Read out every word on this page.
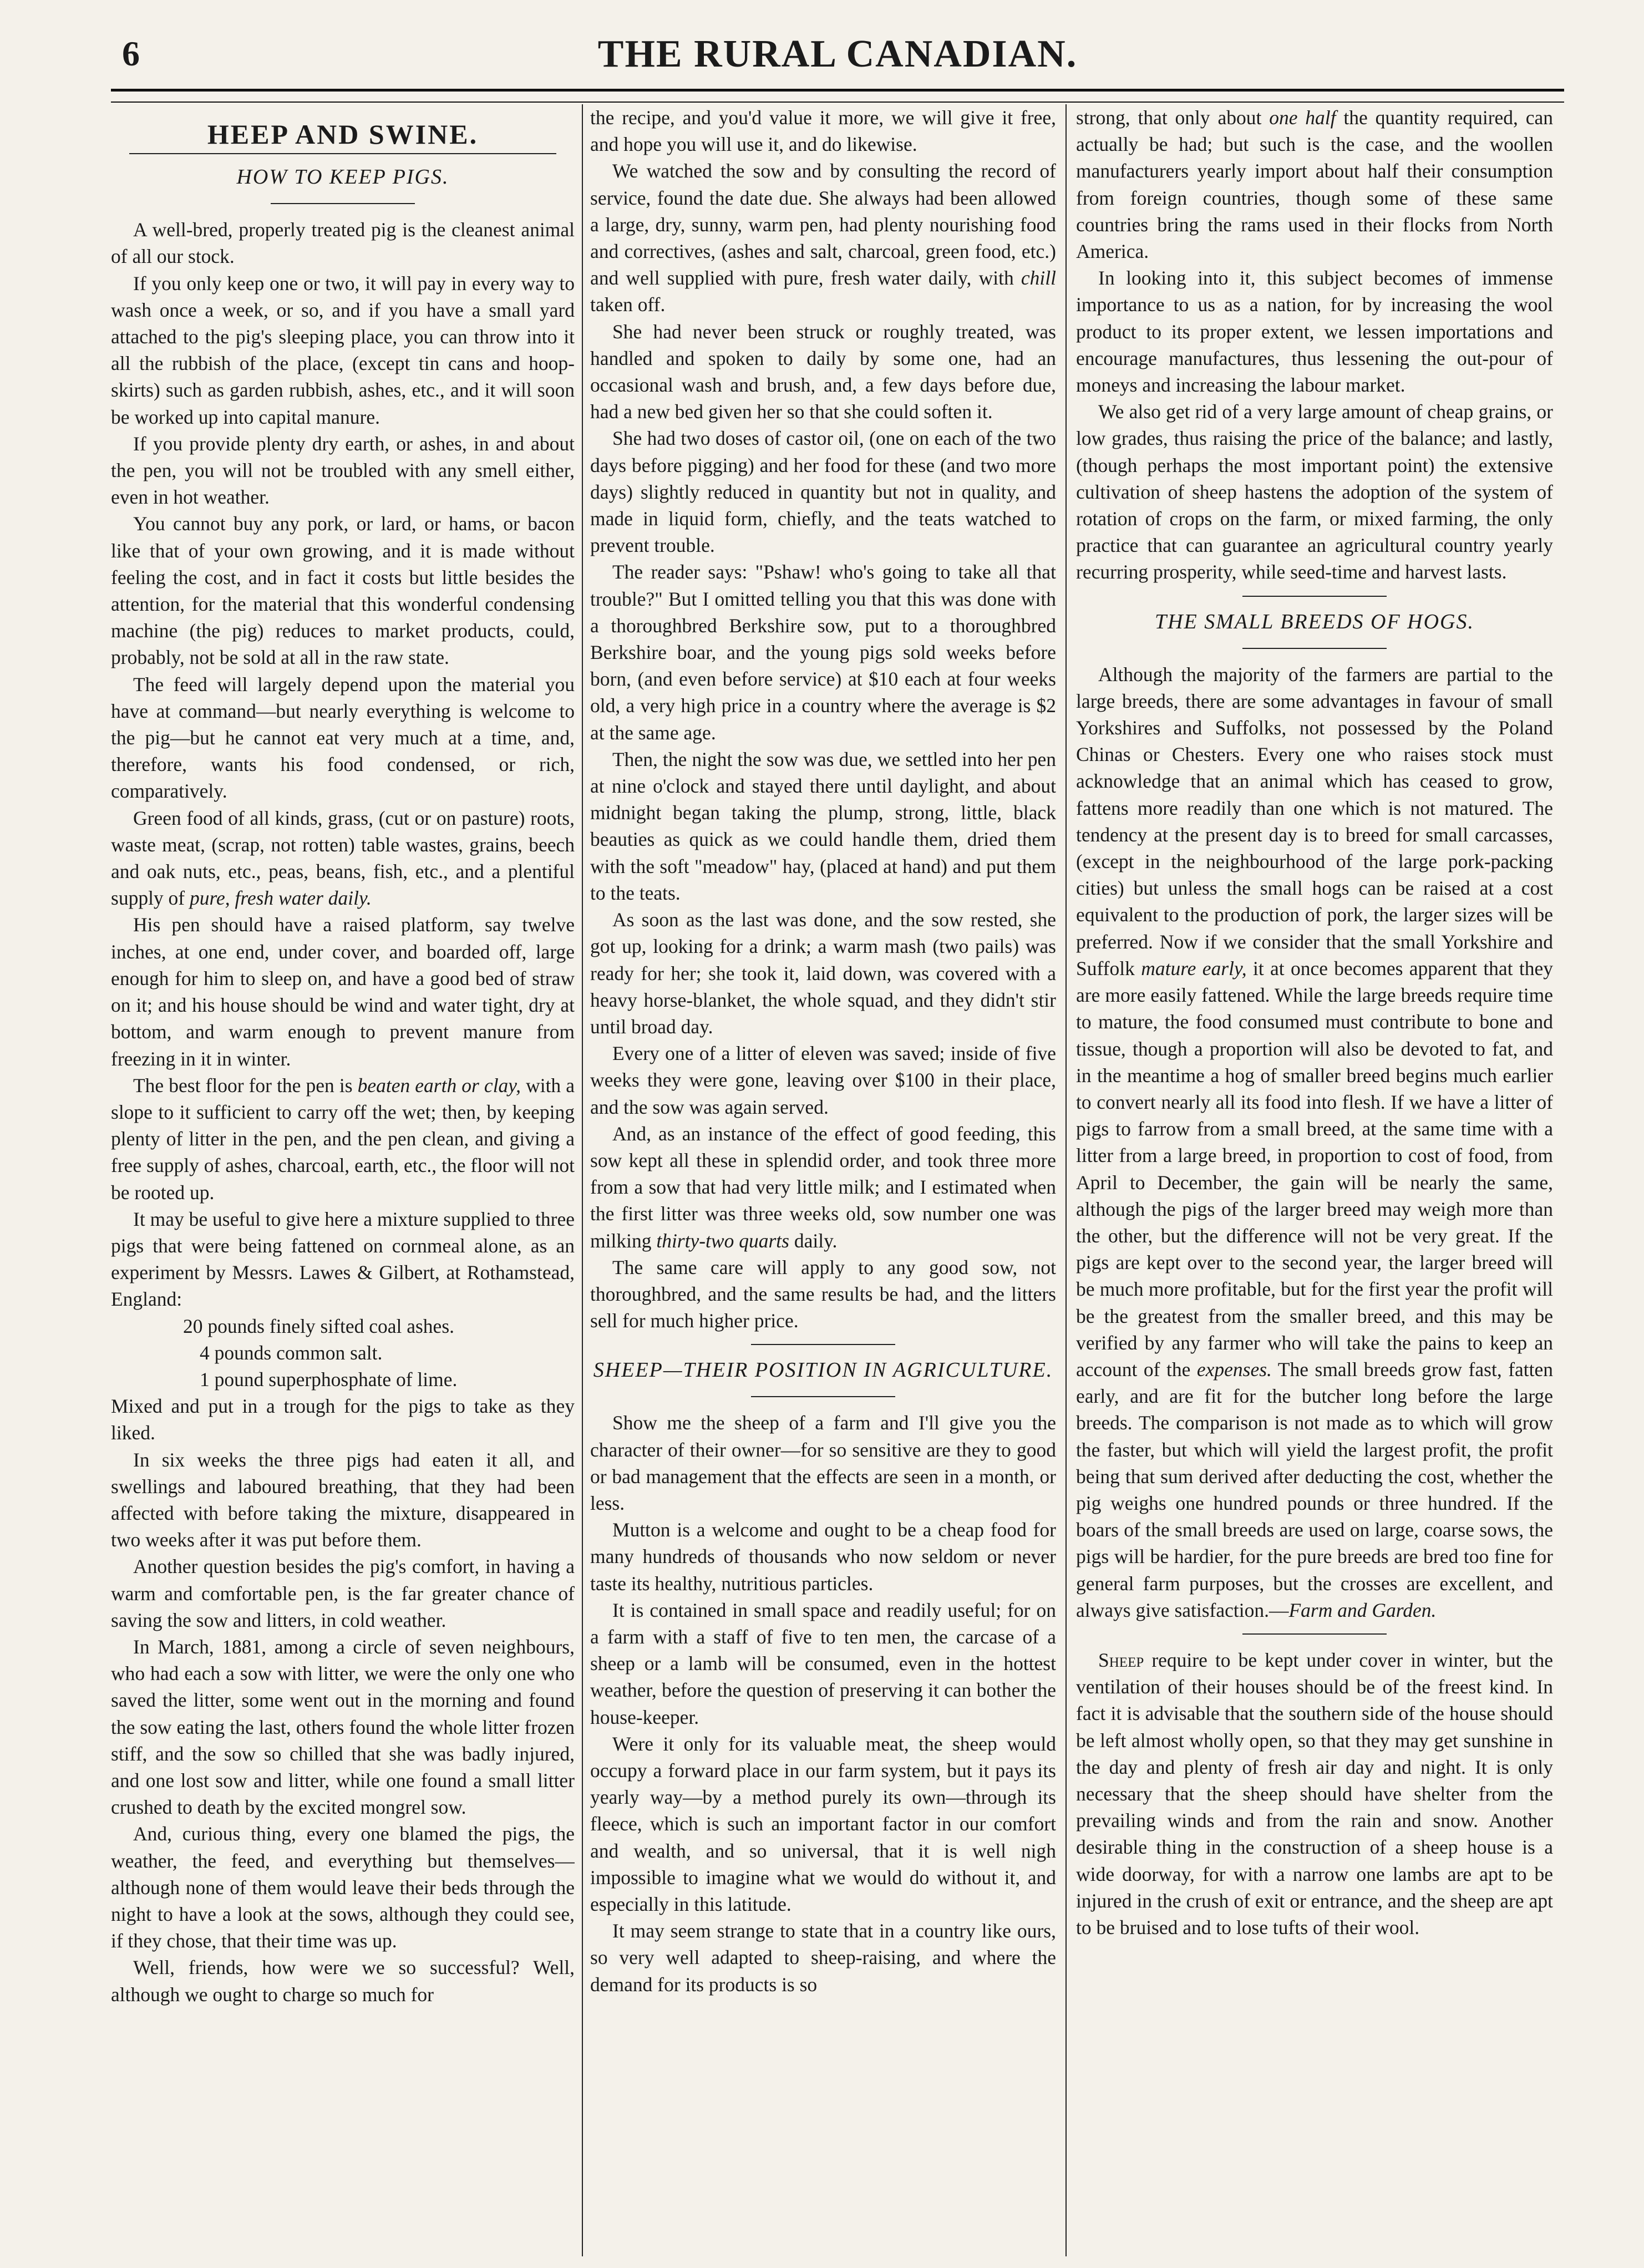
6	THE RURAL CANADIAN.
HEEP AND SWINE.
HOW TO KEEP PIGS.

A well-bred, properly treated pig is the cleanest animal of all our stock.

If you only keep one or two, it will pay in every way to wash once a week, or so, and if you have a small yard attached to the pig's sleeping place, you can throw into it all the rubbish of the place, (except tin cans and hoop-skirts) such as garden rubbish, ashes, etc., and it will soon be worked up into capital manure.

If you provide plenty dry earth, or ashes, in and about the pen, you will not be troubled with any smell either, even in hot weather.

You cannot buy any pork, or lard, or hams, or bacon like that of your own growing, and it is made without feeling the cost, and in fact it costs but little besides the attention, for the material that this wonderful condensing machine (the pig) reduces to market products, could, probably, not be sold at all in the raw state.

The feed will largely depend upon the material you have at command—but nearly everything is welcome to the pig—but he cannot eat very much at a time, and, therefore, wants his food condensed, or rich, comparatively.

Green food of all kinds, grass, (cut or on pasture) roots, waste meat, (scrap, not rotten) table wastes, grains, beech and oak nuts, etc., peas, beans, fish, etc., and a plentiful supply of pure, fresh water daily.

His pen should have a raised platform, say twelve inches, at one end, under cover, and boarded off, large enough for him to sleep on, and have a good bed of straw on it; and his house should be wind and water tight, dry at bottom, and warm enough to prevent manure from freezing in it in winter.

The best floor for the pen is beaten earth or clay, with a slope to it sufficient to carry off the wet; then, by keeping plenty of litter in the pen, and the pen clean, and giving a free supply of ashes, charcoal, earth, etc., the floor will not be rooted up.

It may be useful to give here a mixture supplied to three pigs that were being fattened on cornmeal alone, as an experiment by Messrs. Lawes & Gilbert, at Rothamstead, England:

20 pounds finely sifted coal ashes.
4 pounds common salt.
1 pound superphosphate of lime.

Mixed and put in a trough for the pigs to take as they liked.

In six weeks the three pigs had eaten it all, and swellings and laboured breathing, that they had been affected with before taking the mixture, disappeared in two weeks after it was put before them.

Another question besides the pig's comfort, in having a warm and comfortable pen, is the far greater chance of saving the sow and litters, in cold weather.

In March, 1881, among a circle of seven neighbours, who had each a sow with litter, we were the only one who saved the litter, some went out in the morning and found the sow eating the last, others found the whole litter frozen stiff, and the sow so chilled that she was badly injured, and one lost sow and litter, while one found a small litter crushed to death by the excited mongrel sow.

And, curious thing, every one blamed the pigs, the weather, the feed, and everything but themselves—although none of them would leave their beds through the night to have a look at the sows, although they could see, if they chose, that their time was up.

Well, friends, how were we so successful? Well, although we ought to charge so much for

the recipe, and you'd value it more, we will give it free, and hope you will use it, and do likewise.

We watched the sow and by consulting the record of service, found the date due. She always had been allowed a large, dry, sunny, warm pen, had plenty nourishing food and correctives, (ashes and salt, charcoal, green food, etc.) and well supplied with pure, fresh water daily, with chill taken off.

She had never been struck or roughly treated, was handled and spoken to daily by some one, had an occasional wash and brush, and, a few days before due, had a new bed given her so that she could soften it.

She had two doses of castor oil, (one on each of the two days before pigging) and her food for these (and two more days) slightly reduced in quantity but not in quality, and made in liquid form, chiefly, and the teats watched to prevent trouble.

The reader says: "Pshaw! who's going to take all that trouble?" But I omitted telling you that this was done with a thoroughbred Berkshire sow, put to a thoroughbred Berkshire boar, and the young pigs sold weeks before born, (and even before service) at $10 each at four weeks old, a very high price in a country where the average is $2 at the same age.

Then, the night the sow was due, we settled into her pen at nine o'clock and stayed there until daylight, and about midnight began taking the plump, strong, little, black beauties as quick as we could handle them, dried them with the soft "meadow" hay, (placed at hand) and put them to the teats.

As soon as the last was done, and the sow rested, she got up, looking for a drink; a warm mash (two pails) was ready for her; she took it, laid down, was covered with a heavy horse-blanket, the whole squad, and they didn't stir until broad day.

Every one of a litter of eleven was saved; inside of five weeks they were gone, leaving over $100 in their place, and the sow was again served.

And, as an instance of the effect of good feeding, this sow kept all these in splendid order, and took three more from a sow that had very little milk; and I estimated when the first litter was three weeks old, sow number one was milking thirty-two quarts daily.

The same care will apply to any good sow, not thoroughbred, and the same results be had, and the litters sell for much higher price.

SHEEP—THEIR POSITION IN AGRICULTURE.

Show me the sheep of a farm and I'll give you the character of their owner—for so sensitive are they to good or bad management that the effects are seen in a month, or less.

Mutton is a welcome and ought to be a cheap food for many hundreds of thousands who now seldom or never taste its healthy, nutritious particles.

It is contained in small space and readily useful; for on a farm with a staff of five to ten men, the carcase of a sheep or a lamb will be consumed, even in the hottest weather, before the question of preserving it can bother the house-keeper.

Were it only for its valuable meat, the sheep would occupy a forward place in our farm system, but it pays its yearly way—by a method purely its own—through its fleece, which is such an important factor in our comfort and wealth, and so universal, that it is well nigh impossible to imagine what we would do without it, and especially in this latitude.

It may seem strange to state that in a country like ours, so very well adapted to sheep-raising, and where the demand for its products is so

strong, that only about one half the quantity required, can actually be had; but such is the case, and the woollen manufacturers yearly import about half their consumption from foreign countries, though some of these same countries bring the rams used in their flocks from North America.

In looking into it, this subject becomes of immense importance to us as a nation, for by increasing the wool product to its proper extent, we lessen importations and encourage manufactures, thus lessening the out-pour of moneys and increasing the labour market.

We also get rid of a very large amount of cheap grains, or low grades, thus raising the price of the balance; and lastly, (though perhaps the most important point) the extensive cultivation of sheep hastens the adoption of the system of rotation of crops on the farm, or mixed farming, the only practice that can guarantee an agricultural country yearly recurring prosperity, while seed-time and harvest lasts.

THE SMALL BREEDS OF HOGS.

Although the majority of the farmers are partial to the large breeds, there are some advantages in favour of small Yorkshires and Suffolks, not possessed by the Poland Chinas or Chesters. Every one who raises stock must acknowledge that an animal which has ceased to grow, fattens more readily than one which is not matured. The tendency at the present day is to breed for small carcasses, (except in the neighbourhood of the large pork-packing cities) but unless the small hogs can be raised at a cost equivalent to the production of pork, the larger sizes will be preferred. Now if we consider that the small Yorkshire and Suffolk mature early, it at once becomes apparent that they are more easily fattened. While the large breeds require time to mature, the food consumed must contribute to bone and tissue, though a proportion will also be devoted to fat, and in the meantime a hog of smaller breed begins much earlier to convert nearly all its food into flesh. If we have a litter of pigs to farrow from a small breed, at the same time with a litter from a large breed, in proportion to cost of food, from April to December, the gain will be nearly the same, although the pigs of the larger breed may weigh more than the other, but the difference will not be very great. If the pigs are kept over to the second year, the larger breed will be much more profitable, but for the first year the profit will be the greatest from the smaller breed, and this may be verified by any farmer who will take the pains to keep an account of the expenses. The small breeds grow fast, fatten early, and are fit for the butcher long before the large breeds. The comparison is not made as to which will grow the faster, but which will yield the largest profit, the profit being that sum derived after deducting the cost, whether the pig weighs one hundred pounds or three hundred. If the boars of the small breeds are used on large, coarse sows, the pigs will be hardier, for the pure breeds are bred too fine for general farm purposes, but the crosses are excellent, and always give satisfaction.—Farm and Garden.

Sheep require to be kept under cover in winter, but the ventilation of their houses should be of the freest kind. In fact it is advisable that the southern side of the house should be left almost wholly open, so that they may get sunshine in the day and plenty of fresh air day and night. It is only necessary that the sheep should have shelter from the prevailing winds and from the rain and snow. Another desirable thing in the construction of a sheep house is a wide doorway, for with a narrow one lambs are apt to be injured in the crush of exit or entrance, and the sheep are apt to be bruised and to lose tufts of their wool.
